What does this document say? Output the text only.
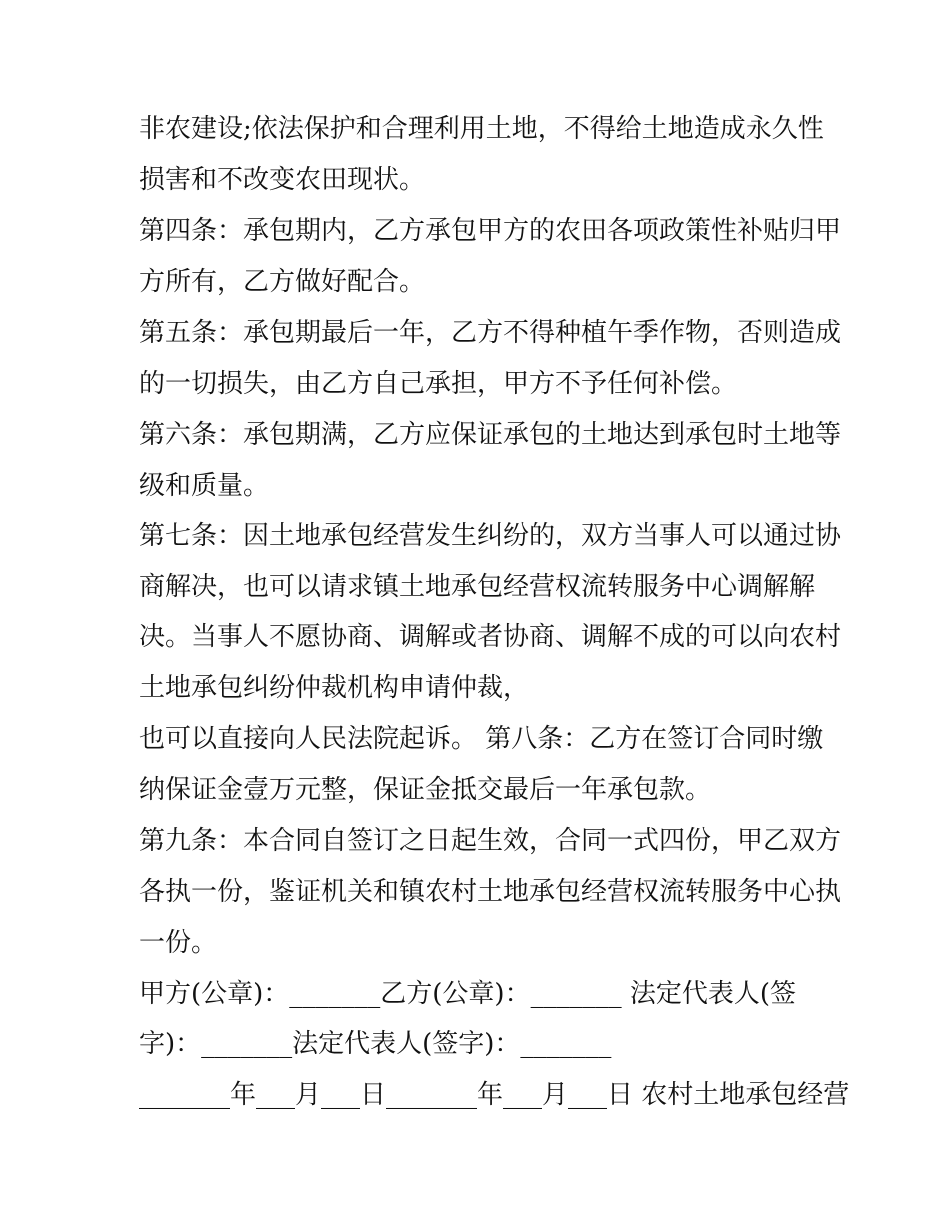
非农建设;依法保护和合理利用土地，不得给土地造成永久性
损害和不改变农田现状。
第四条：承包期内，乙方承包甲方的农田各项政策性补贴归甲
方所有，乙方做好配合。
第五条：承包期最后一年，乙方不得种植午季作物，否则造成
的一切损失，由乙方自己承担，甲方不予任何补偿。
第六条：承包期满，乙方应保证承包的土地达到承包时土地等
级和质量。
第七条：因土地承包经营发生纠纷的，双方当事人可以通过协
商解决，也可以请求镇土地承包经营权流转服务中心调解解
决。当事人不愿协商、调解或者协商、调解不成的可以向农村
土地承包纠纷仲裁机构申请仲裁，
也可以直接向人民法院起诉。 第八条：乙方在签订合同时缴
纳保证金壹万元整，保证金抵交最后一年承包款。
第九条：本合同自签订之日起生效，合同一式四份，甲乙双方
各执一份，鉴证机关和镇农村土地承包经营权流转服务中心执
一份。
甲方(公章)：_______乙方(公章)：_______ 法定代表人(签
字)：_______法定代表人(签字)：_______
_______年___月___日_______年___月___日 农村土地承包经营
